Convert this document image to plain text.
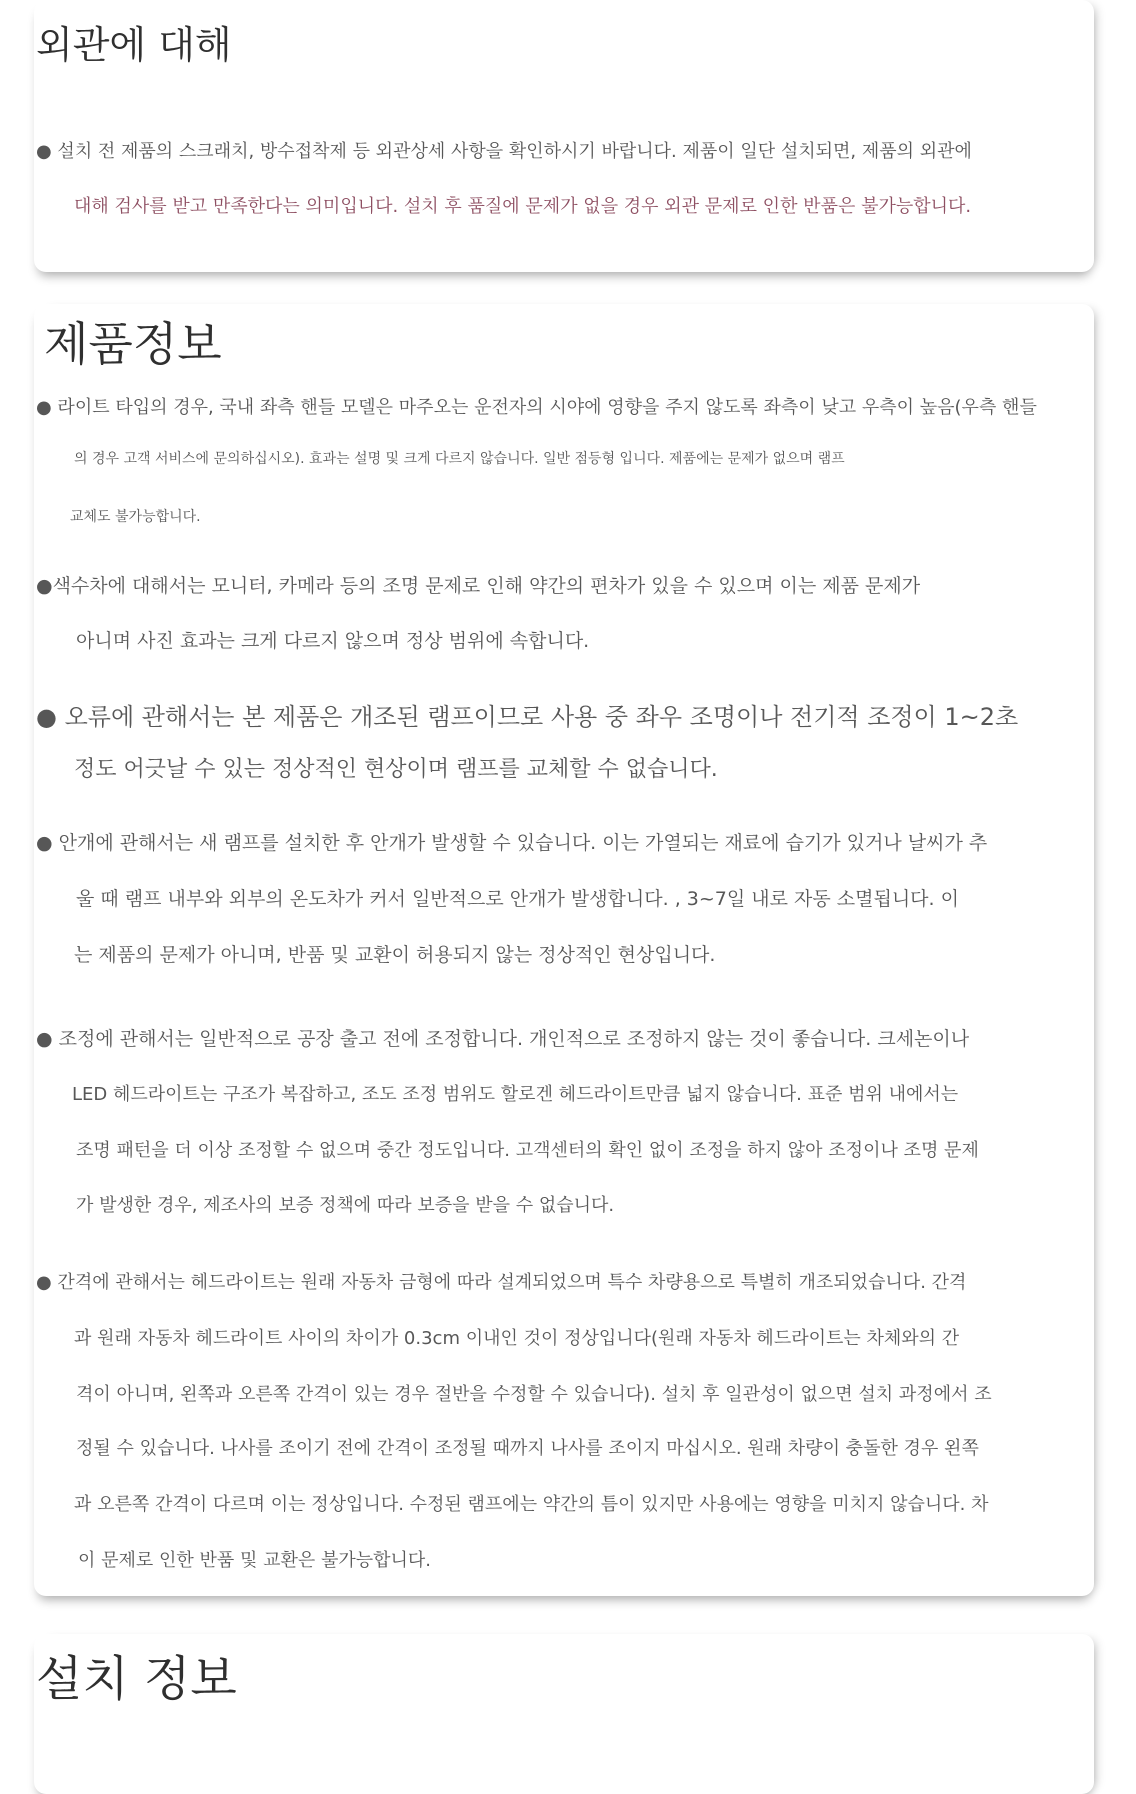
외관에 대해
● 설치 전 제품의 스크래치, 방수접착제 등 외관상세 사항을 확인하시기 바랍니다. 제품이 일단 설치되면, 제품의 외관에
대해 검사를 받고 만족한다는 의미입니다. 설치 후 품질에 문제가 없을 경우 외관 문제로 인한 반품은 불가능합니다.
제품정보
● 라이트 타입의 경우, 국내 좌측 핸들 모델은 마주오는 운전자의 시야에 영향을 주지 않도록 좌측이 낮고 우측이 높음(우측 핸들
의 경우 고객 서비스에 문의하십시오). 효과는 설명 및 크게 다르지 않습니다. 일반 점등형 입니다. 제품에는 문제가 없으며 램프
교체도 불가능합니다.
●색수차에 대해서는 모니터, 카메라 등의 조명 문제로 인해 약간의 편차가 있을 수 있으며 이는 제품 문제가
아니며 사진 효과는 크게 다르지 않으며 정상 범위에 속합니다.
● 오류에 관해서는 본 제품은 개조된 램프이므로 사용 중 좌우 조명이나 전기적 조정이 1~2초
정도 어긋날 수 있는 정상적인 현상이며 램프를 교체할 수 없습니다.
● 안개에 관해서는 새 램프를 설치한 후 안개가 발생할 수 있습니다. 이는 가열되는 재료에 습기가 있거나 날씨가 추
울 때 램프 내부와 외부의 온도차가 커서 일반적으로 안개가 발생합니다. , 3~7일 내로 자동 소멸됩니다. 이
는 제품의 문제가 아니며, 반품 및 교환이 허용되지 않는 정상적인 현상입니다.
● 조정에 관해서는 일반적으로 공장 출고 전에 조정합니다. 개인적으로 조정하지 않는 것이 좋습니다. 크세논이나
LED 헤드라이트는 구조가 복잡하고, 조도 조정 범위도 할로겐 헤드라이트만큼 넓지 않습니다. 표준 범위 내에서는
조명 패턴을 더 이상 조정할 수 없으며 중간 정도입니다. 고객센터의 확인 없이 조정을 하지 않아 조정이나 조명 문제
가 발생한 경우, 제조사의 보증 정책에 따라 보증을 받을 수 없습니다.
● 간격에 관해서는 헤드라이트는 원래 자동차 금형에 따라 설계되었으며 특수 차량용으로 특별히 개조되었습니다. 간격
과 원래 자동차 헤드라이트 사이의 차이가 0.3cm 이내인 것이 정상입니다(원래 자동차 헤드라이트는 차체와의 간
격이 아니며, 왼쪽과 오른쪽 간격이 있는 경우 절반을 수정할 수 있습니다). 설치 후 일관성이 없으면 설치 과정에서 조
정될 수 있습니다. 나사를 조이기 전에 간격이 조정될 때까지 나사를 조이지 마십시오. 원래 차량이 충돌한 경우 왼쪽
과 오른쪽 간격이 다르며 이는 정상입니다. 수정된 램프에는 약간의 틈이 있지만 사용에는 영향을 미치지 않습니다. 차
이 문제로 인한 반품 및 교환은 불가능합니다.
설치 정보
